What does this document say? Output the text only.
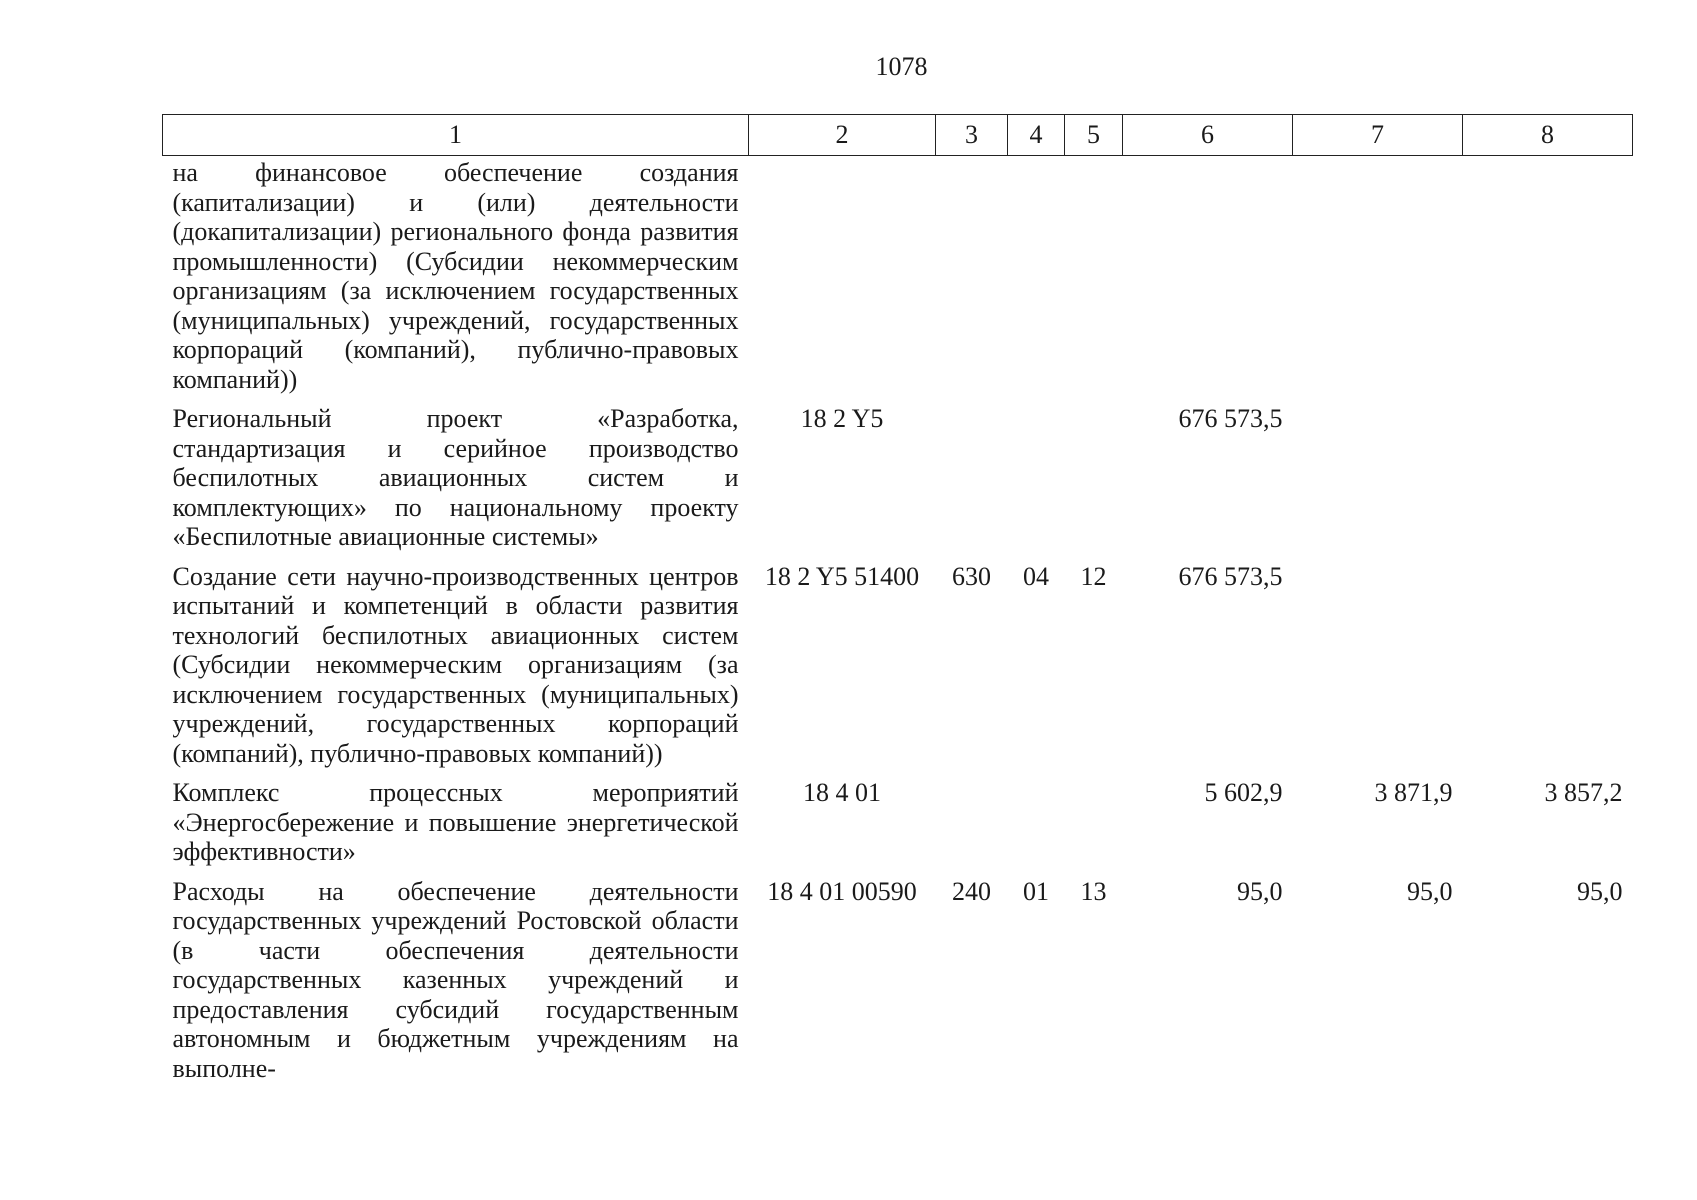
1078
1	2	3	4	5	6	7	8
на финансовое обеспечение создания (капитализации) и (или) деятельности (докапитализации) регионального фонда развития промышленности) (Субсидии некоммерческим организациям (за исключением государственных (муниципальных) учреждений, государственных корпораций (компаний), публично-правовых компаний))							
Региональный проект «Разработка, стандартизация и серийное производство беспилотных авиационных систем и комплектующих» по национальному проекту «Беспилотные авиационные системы»	18 2 Y5				676 573,5		
Создание сети научно-производственных центров испытаний и компетенций в области развития технологий беспилотных авиационных систем (Субсидии некоммерческим организациям (за исключением государственных (муниципальных) учреждений, государственных корпораций (компаний), публично-правовых компаний))	18 2 Y5 51400	630	04	12	676 573,5		
Комплекс процессных мероприятий «Энергосбережение и повышение энергетической эффективности»	18 4 01				5 602,9	3 871,9	3 857,2
Расходы на обеспечение деятельности государственных учреждений Ростовской области (в части обеспечения деятельности государственных казенных учреждений и предоставления субсидий государственным автономным и бюджетным учреждениям на выполне-	18 4 01 00590	240	01	13	95,0	95,0	95,0
